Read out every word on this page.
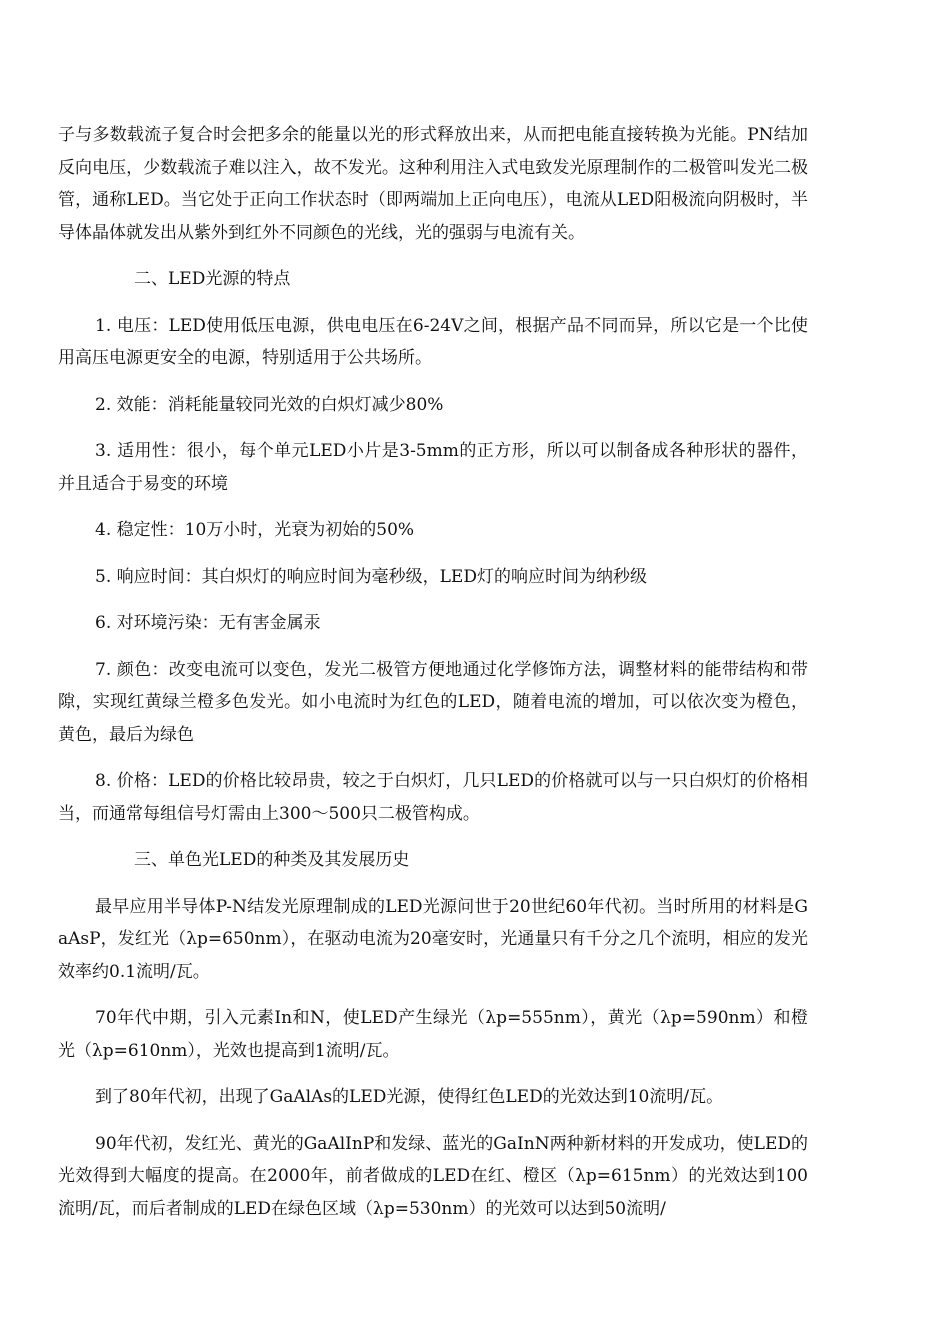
子与多数载流子复合时会把多余的能量以光的形式释放出来，从而把电能直接转换为光能。PN结加反向电压，少数载流子难以注入，故不发光。这种利用注入式电致发光原理制作的二极管叫发光二极管，通称LED。当它处于正向工作状态时（即两端加上正向电压），电流从LED阳极流向阴极时，半导体晶体就发出从紫外到红外不同颜色的光线，光的强弱与电流有关。

二、LED光源的特点

1. 电压：LED使用低压电源，供电电压在6-24V之间，根据产品不同而异，所以它是一个比使用高压电源更安全的电源，特别适用于公共场所。

2. 效能：消耗能量较同光效的白炽灯减少80%

3. 适用性：很小，每个单元LED小片是3-5mm的正方形，所以可以制备成各种形状的器件，并且适合于易变的环境

4. 稳定性：10万小时，光衰为初始的50%

5. 响应时间：其白炽灯的响应时间为毫秒级，LED灯的响应时间为纳秒级

6. 对环境污染：无有害金属汞

7. 颜色：改变电流可以变色，发光二极管方便地通过化学修饰方法，调整材料的能带结构和带隙，实现红黄绿兰橙多色发光。如小电流时为红色的LED，随着电流的增加，可以依次变为橙色，黄色，最后为绿色

8. 价格：LED的价格比较昂贵，较之于白炽灯，几只LED的价格就可以与一只白炽灯的价格相当，而通常每组信号灯需由上300～500只二极管构成。

三、单色光LED的种类及其发展历史

最早应用半导体P-N结发光原理制成的LED光源问世于20世纪60年代初。当时所用的材料是GaAsP，发红光（λp=650nm），在驱动电流为20毫安时，光通量只有千分之几个流明，相应的发光效率约0.1流明/瓦。

70年代中期，引入元素In和N，使LED产生绿光（λp=555nm），黄光（λp=590nm）和橙光（λp=610nm），光效也提高到1流明/瓦。

到了80年代初，出现了GaAlAs的LED光源，使得红色LED的光效达到10流明/瓦。

90年代初，发红光、黄光的GaAlInP和发绿、蓝光的GaInN两种新材料的开发成功，使LED的光效得到大幅度的提高。在2000年，前者做成的LED在红、橙区（λp=615nm）的光效达到100流明/瓦，而后者制成的LED在绿色区域（λp=530nm）的光效可以达到50流明/
